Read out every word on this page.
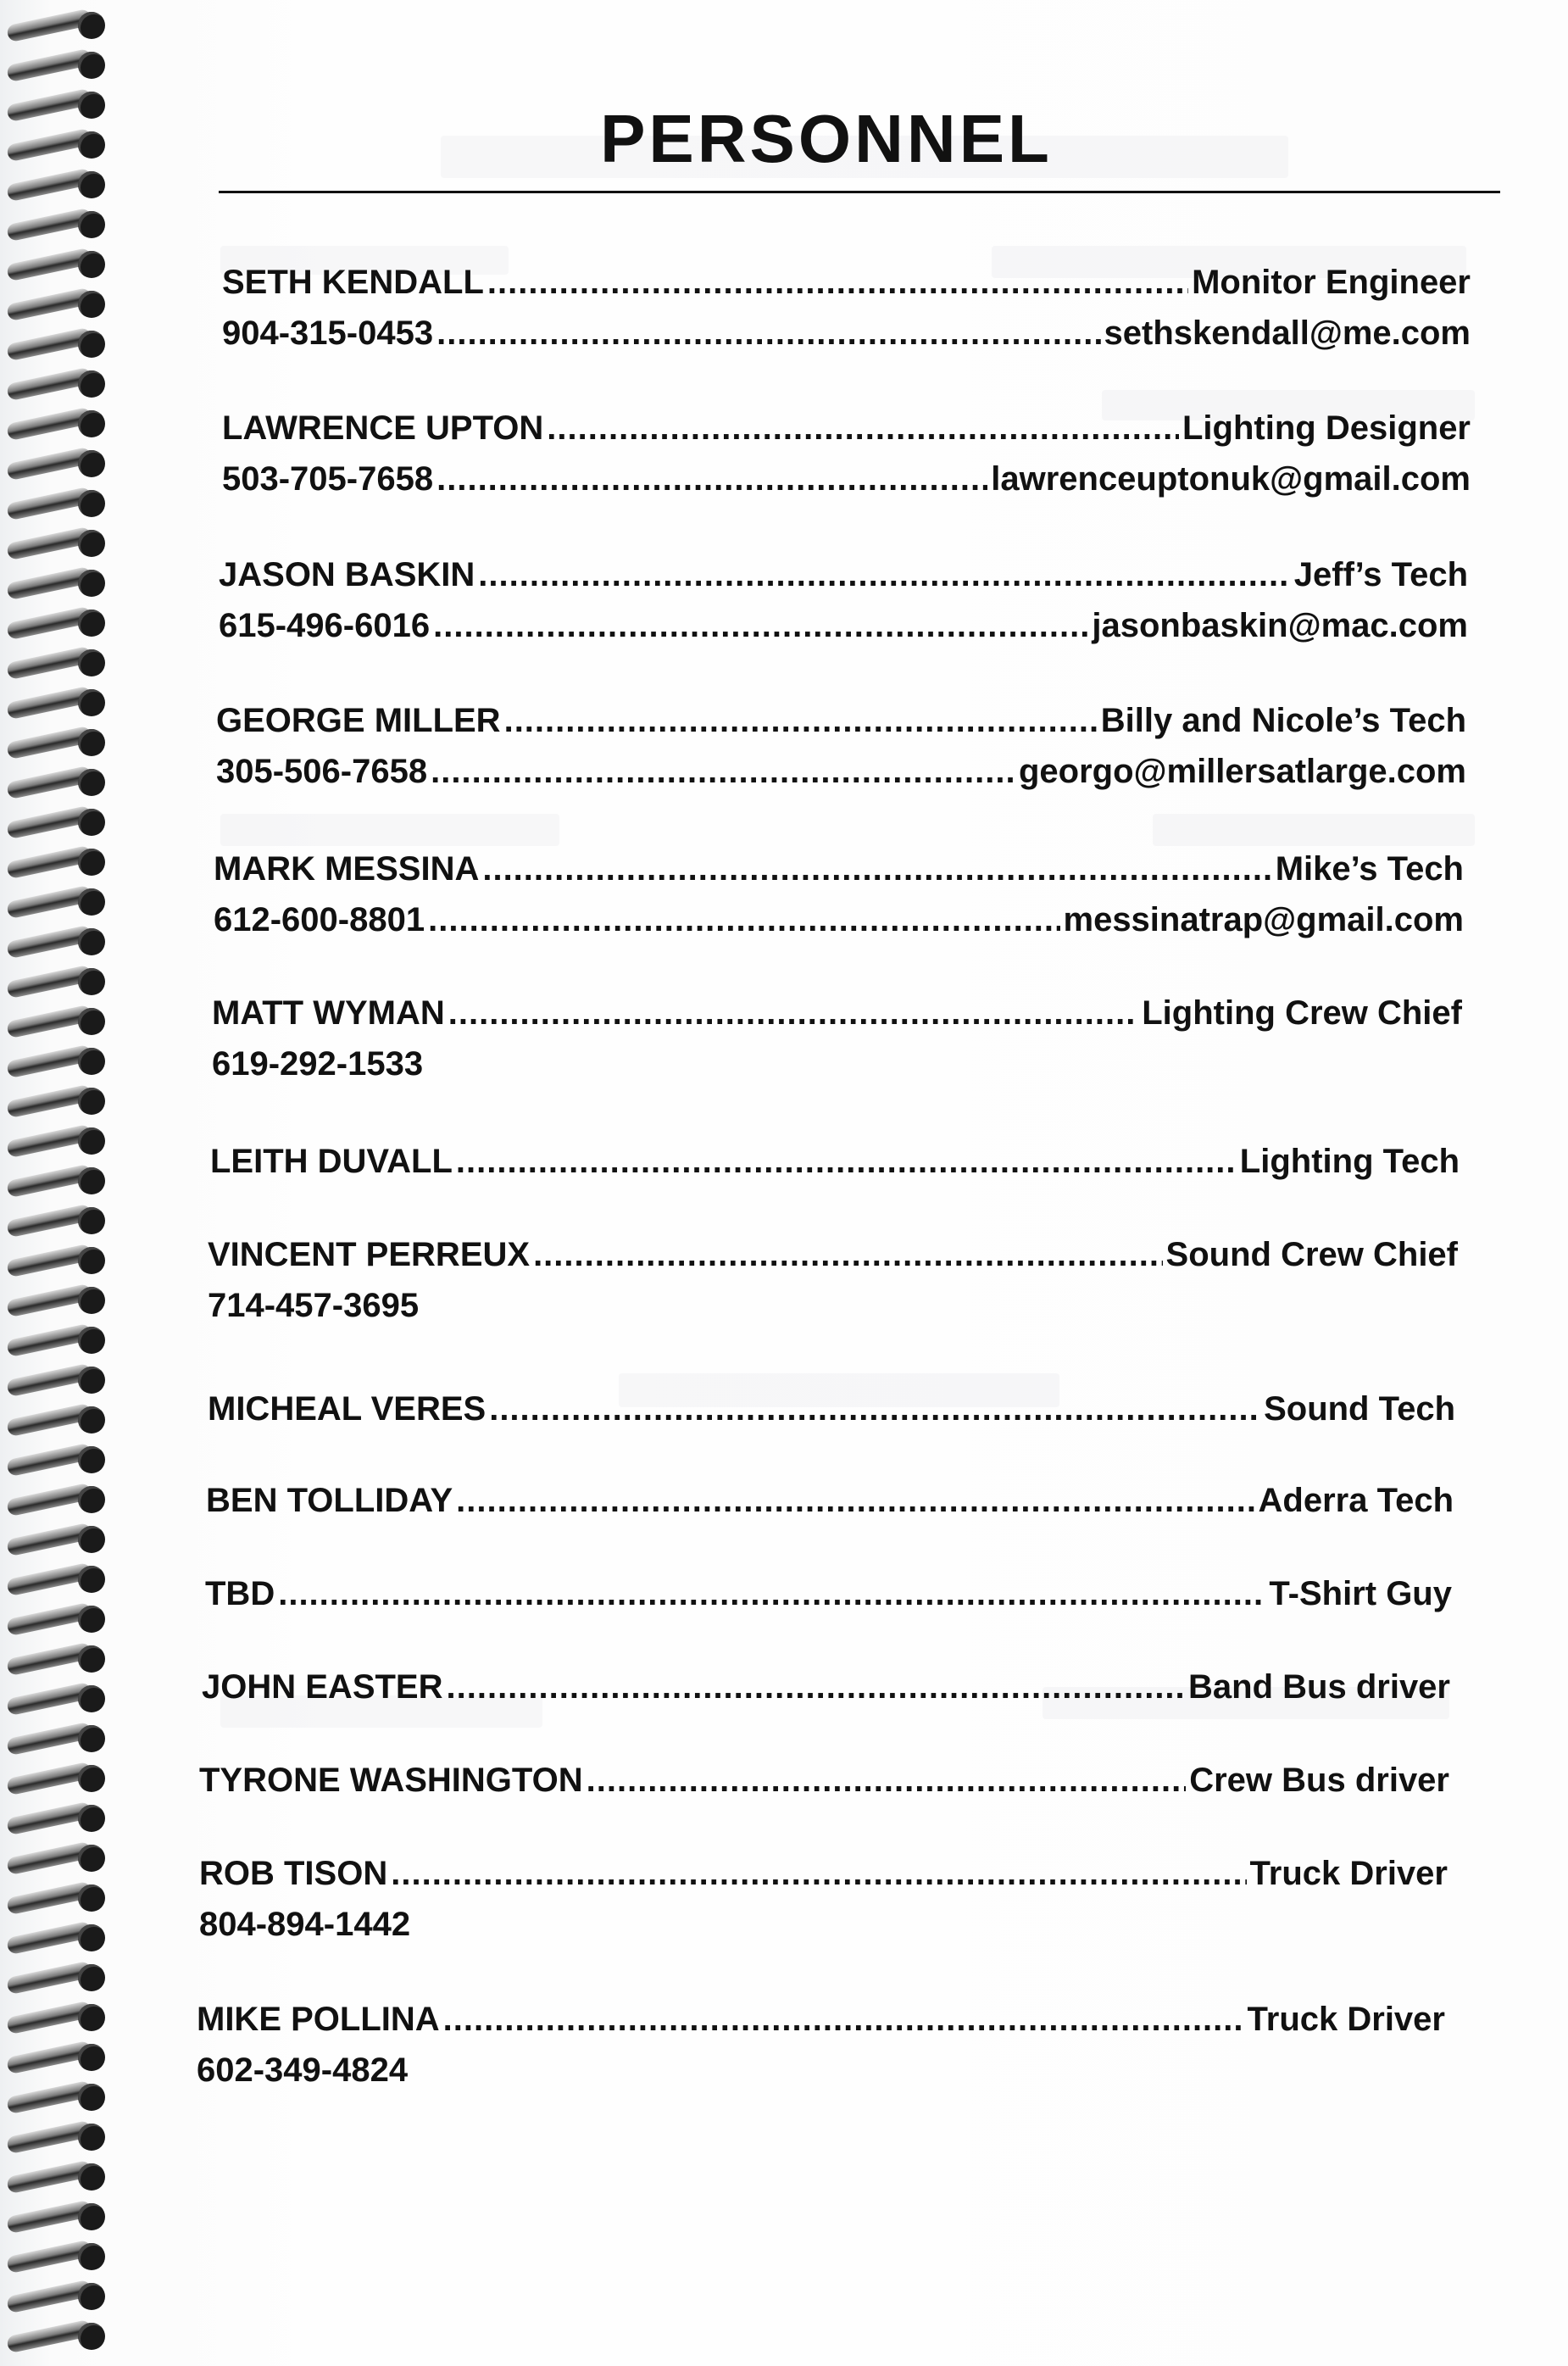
PERSONNEL
SETH KENDALL .....	Monitor Engineer
904-315-0453 .....	sethskendall@me.com
LAWRENCE UPTON .....	Lighting Designer
503-705-7658 .....	lawrenceuptonuk@gmail.com
JASON BASKIN .....	Jeff’s Tech
615-496-6016 .....	jasonbaskin@mac.com
GEORGE MILLER .....	Billy and Nicole’s Tech
305-506-7658 .....	georgo@millersatlarge.com
MARK MESSINA .....	Mike’s Tech
612-600-8801 .....	messinatrap@gmail.com
MATT WYMAN .....	Lighting Crew Chief
619-292-1533
LEITH DUVALL .....	Lighting Tech
VINCENT PERREUX .....	Sound Crew Chief
714-457-3695
MICHEAL VERES .....	Sound Tech
BEN TOLLIDAY .....	Aderra Tech
TBD .....	T-Shirt Guy
JOHN EASTER .....	Band Bus driver
TYRONE WASHINGTON .....	Crew Bus driver
ROB TISON .....	Truck Driver
804-894-1442
MIKE POLLINA .....	Truck Driver
602-349-4824
